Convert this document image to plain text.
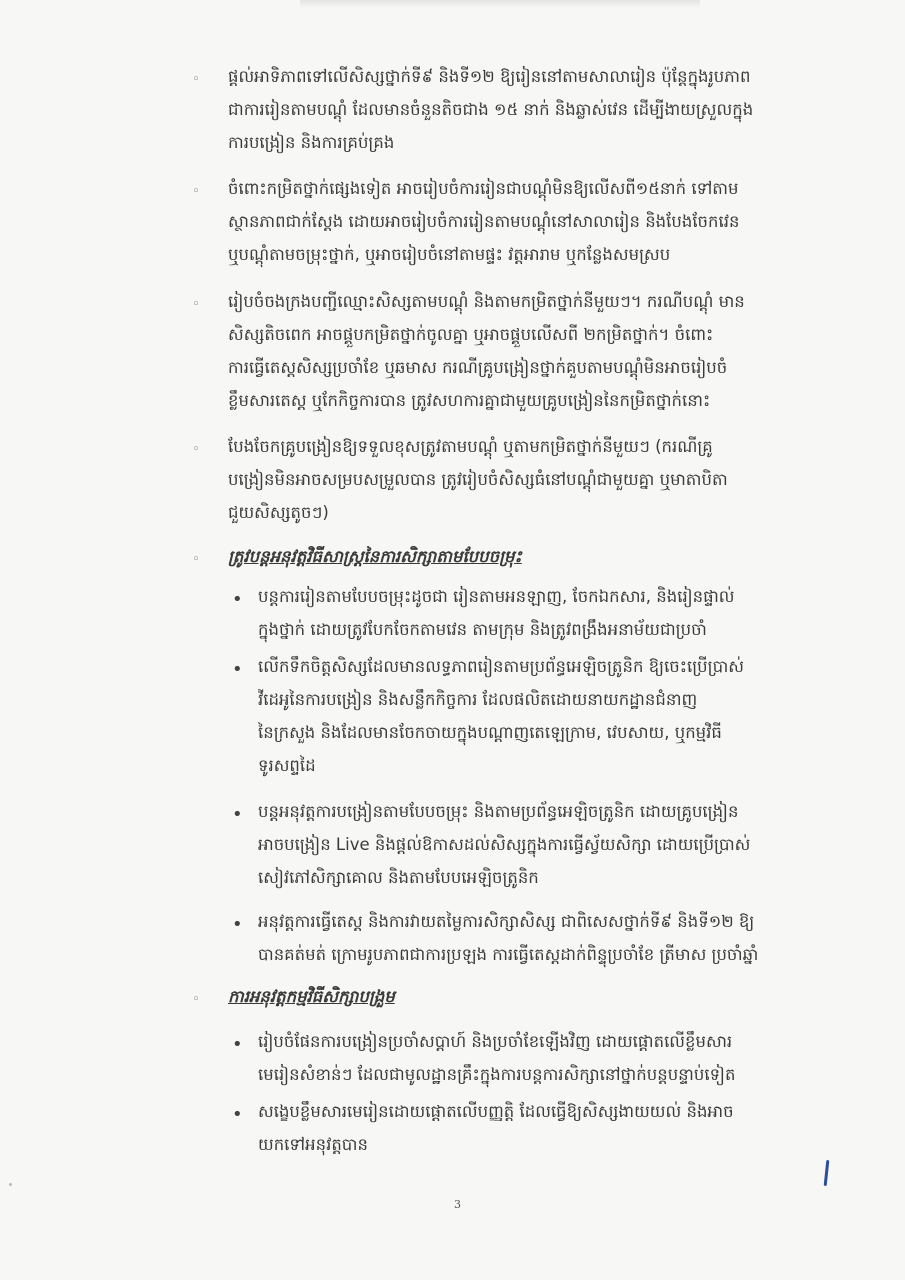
◦ ផ្តល់អាទិភាពទៅលើសិស្សថ្នាក់ទី៩ និងទី១២ ឱ្យរៀននៅតាមសាលារៀន ប៉ុន្តែក្នុងរូបភាព

ជាការរៀនតាមបណ្តុំ ដែលមានចំនួនតិចជាង ១៥ នាក់ និងឆ្លាស់វេន ដើម្បីងាយស្រួលក្នុង

ការបង្រៀន និងការគ្រប់គ្រង

◦ ចំពោះកម្រិតថ្នាក់ផ្សេងទៀត អាចរៀបចំការរៀនជាបណ្តុំមិនឱ្យលើសពី១៥នាក់ ទៅតាម

ស្ថានភាពជាក់ស្តែង ដោយអាចរៀបចំការរៀនតាមបណ្តុំនៅសាលារៀន និងបែងចែកវេន

ឬបណ្តុំតាមចម្រុះថ្នាក់, ឬអាចរៀបចំនៅតាមផ្ទះ វត្តអារាម ឬកន្លែងសមស្រប

◦ រៀបចំចងក្រងបញ្ជីឈ្មោះសិស្សតាមបណ្តុំ និងតាមកម្រិតថ្នាក់នីមួយៗ។ ករណីបណ្តុំ មាន

សិស្សតិចពេក អាចផ្គួបកម្រិតថ្នាក់ចូលគ្នា ឬអាចផ្គួបលើសពី ២កម្រិតថ្នាក់។ ចំពោះ

ការធ្វើតេស្តសិស្សប្រចាំខែ ឬឆមាស ករណីគ្រូបង្រៀនថ្នាក់គួបតាមបណ្តុំមិនអាចរៀបចំ

ខ្លឹមសារតេស្ត ឬកែកិច្ចការបាន ត្រូវសហការគ្នាជាមួយគ្រូបង្រៀននៃកម្រិតថ្នាក់នោះ

◦ បែងចែកគ្រូបង្រៀនឱ្យទទួលខុសត្រូវតាមបណ្តុំ ឬតាមកម្រិតថ្នាក់នីមួយៗ (ករណីគ្រូ

បង្រៀនមិនអាចសម្របសម្រួលបាន ត្រូវរៀបចំសិស្សធំនៅបណ្តុំជាមួយគ្នា ឬមាតាបិតា

ជួយសិស្សតូចៗ)

◦ ត្រូវបន្តអនុវត្តវិធីសាស្ត្រនៃការសិក្សាតាមបែបចម្រុះ

• បន្តការរៀនតាមបែបចម្រុះដូចជា រៀនតាមអនឡាញ, ចែកឯកសារ, និងរៀនផ្ទាល់

ក្នុងថ្នាក់ ដោយត្រូវបែកចែកតាមវេន តាមក្រុម និងត្រូវពង្រឹងអនាម័យជាប្រចាំ

• លើកទឹកចិត្តសិស្សដែលមានលទ្ធភាពរៀនតាមប្រព័ន្ធអេឡិចត្រូនិក ឱ្យចេះប្រើប្រាស់

វីដេអូនៃការបង្រៀន និងសន្លឹកកិច្ចការ ដែលផលិតដោយនាយកដ្ឋានជំនាញ

នៃក្រសួង និងដែលមានចែកចាយក្នុងបណ្តាញតេឡេក្រាម, វេបសាយ, ឬកម្មវិធី

ទូរសព្ទដៃ

• បន្តអនុវត្តការបង្រៀនតាមបែបចម្រុះ និងតាមប្រព័ន្ធអេឡិចត្រូនិក ដោយគ្រូបង្រៀន

អាចបង្រៀន Live និងផ្តល់ឱកាសដល់សិស្សក្នុងការធ្វើស្វ័យសិក្សា ដោយប្រើប្រាស់

សៀវភៅសិក្សាគោល និងតាមបែបអេឡិចត្រូនិក

• អនុវត្តការធ្វើតេស្ត និងការវាយតម្លៃការសិក្សាសិស្ស ជាពិសេសថ្នាក់ទី៩ និងទី១២ ឱ្យ

បានគត់មត់ ក្រោមរូបភាពជាការប្រឡង ការធ្វើតេស្តដាក់ពិន្ទុប្រចាំខែ ត្រីមាស ប្រចាំឆ្នាំ

◦ ការអនុវត្តកម្មវិធីសិក្សាបង្រួម

• រៀបចំផែនការបង្រៀនប្រចាំសប្តាហ៍ និងប្រចាំខែឡើងវិញ ដោយផ្តោតលើខ្លឹមសារ

មេរៀនសំខាន់ៗ ដែលជាមូលដ្ឋានគ្រឹះក្នុងការបន្តការសិក្សានៅថ្នាក់បន្តបន្ទាប់ទៀត

• សង្ខេបខ្លឹមសារមេរៀនដោយផ្តោតលើបញ្ញត្តិ ដែលធ្វើឱ្យសិស្សងាយយល់ និងអាច

យកទៅអនុវត្តបាន

3
